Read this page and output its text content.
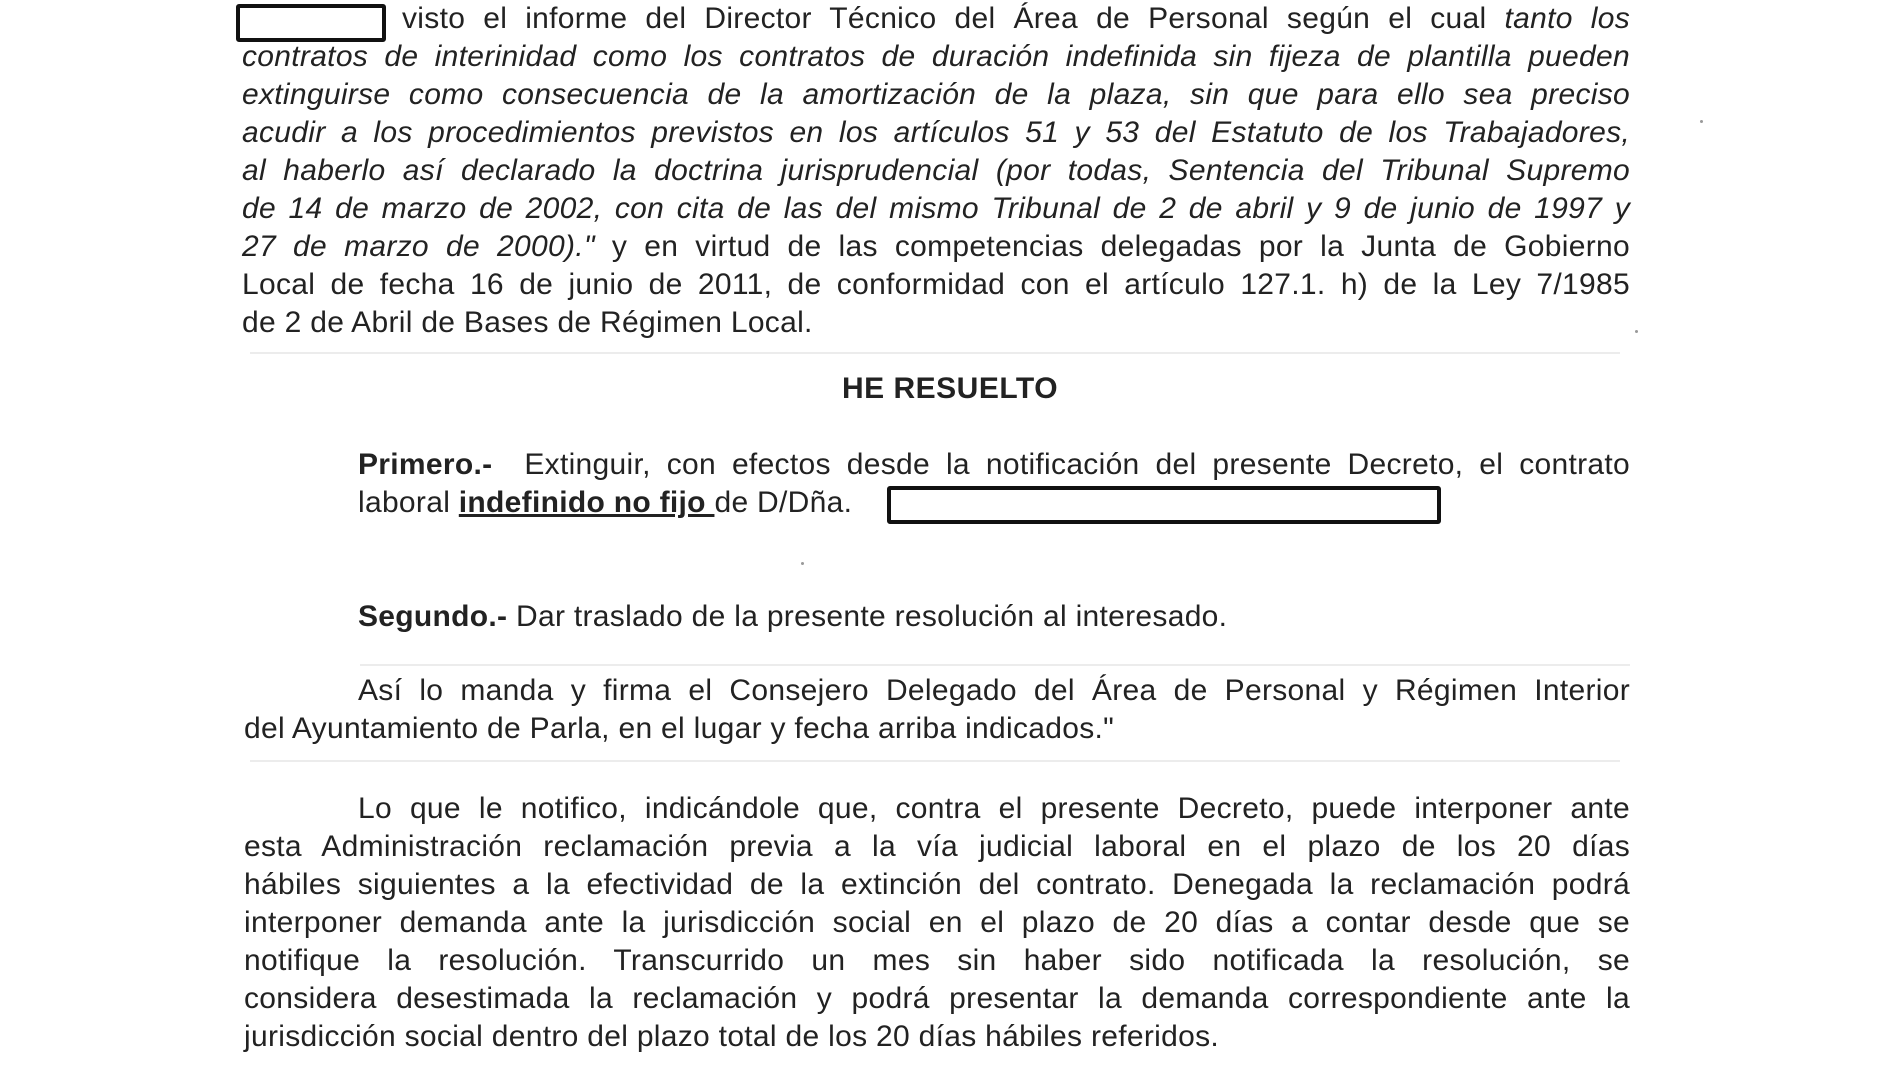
visto el informe del Director Técnico del Área de Personal según el cual tanto los
contratos de interinidad como los contratos de duración indefinida sin fijeza de plantilla pueden
extinguirse como consecuencia de la amortización de la plaza, sin que para ello sea preciso
acudir a los procedimientos previstos en los artículos 51 y 53 del Estatuto de los Trabajadores,
al haberlo así declarado la doctrina jurisprudencial (por todas, Sentencia del Tribunal Supremo
de 14 de marzo de 2002, con cita de las del mismo Tribunal de 2 de abril y 9 de junio de 1997 y
27 de marzo de 2000)." y en virtud de las competencias delegadas por la Junta de Gobierno
Local de fecha 16 de junio de 2011, de conformidad con el artículo 127.1. h) de la Ley 7/1985
de 2 de Abril de Bases de Régimen Local.
HE RESUELTO
Primero.- Extinguir, con efectos desde la notificación del presente Decreto, el contrato
laboral indefinido no fijo de D/Dña.
Segundo.- Dar traslado de la presente resolución al interesado.
Así lo manda y firma el Consejero Delegado del Área de Personal y Régimen Interior
del Ayuntamiento de Parla, en el lugar y fecha arriba indicados."
Lo que le notifico, indicándole que, contra el presente Decreto, puede interponer ante
esta Administración reclamación previa a la vía judicial laboral en el plazo de los 20 días
hábiles siguientes a la efectividad de la extinción del contrato. Denegada la reclamación podrá
interponer demanda ante la jurisdicción social en el plazo de 20 días a contar desde que se
notifique la resolución. Transcurrido un mes sin haber sido notificada la resolución, se
considera desestimada la reclamación y podrá presentar la demanda correspondiente ante la
jurisdicción social dentro del plazo total de los 20 días hábiles referidos.
